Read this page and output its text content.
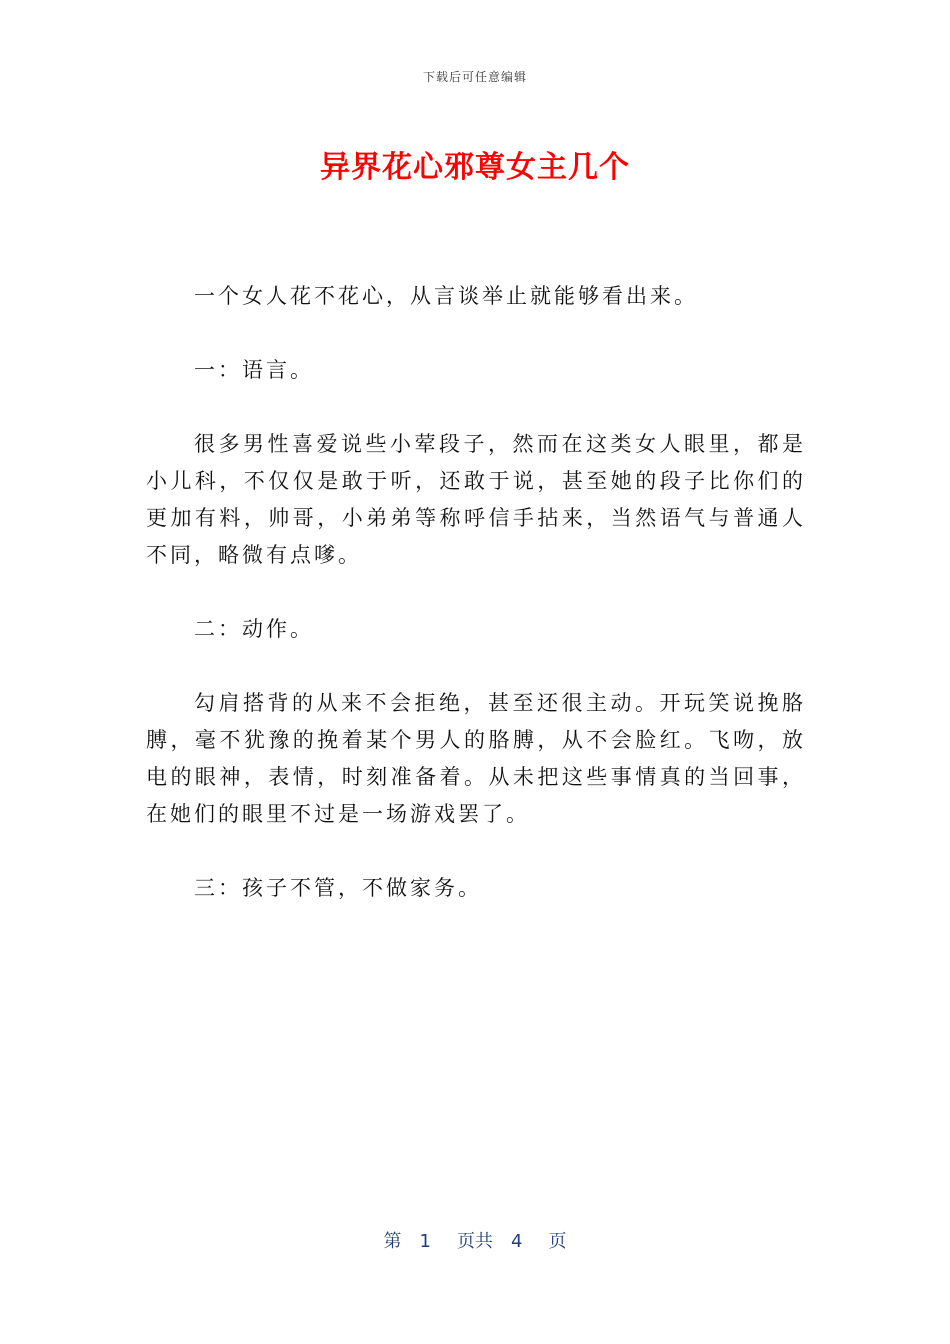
下载后可任意编辑
异界花心邪尊女主几个

一个女人花不花心，从言谈举止就能够看出来。

一：语言。

很多男性喜爱说些小荤段子，然而在这类女人眼里，都是小儿科，不仅仅是敢于听，还敢于说，甚至她的段子比你们的更加有料，帅哥，小弟弟等称呼信手拈来，当然语气与普通人不同，略微有点嗲。

二：动作。

勾肩搭背的从来不会拒绝，甚至还很主动。开玩笑说挽胳膊，毫不犹豫的挽着某个男人的胳膊，从不会脸红。飞吻，放电的眼神，表情，时刻准备着。从未把这些事情真的当回事，在她们的眼里不过是一场游戏罢了。

三：孩子不管，不做家务。

第 1 页共 4 页
